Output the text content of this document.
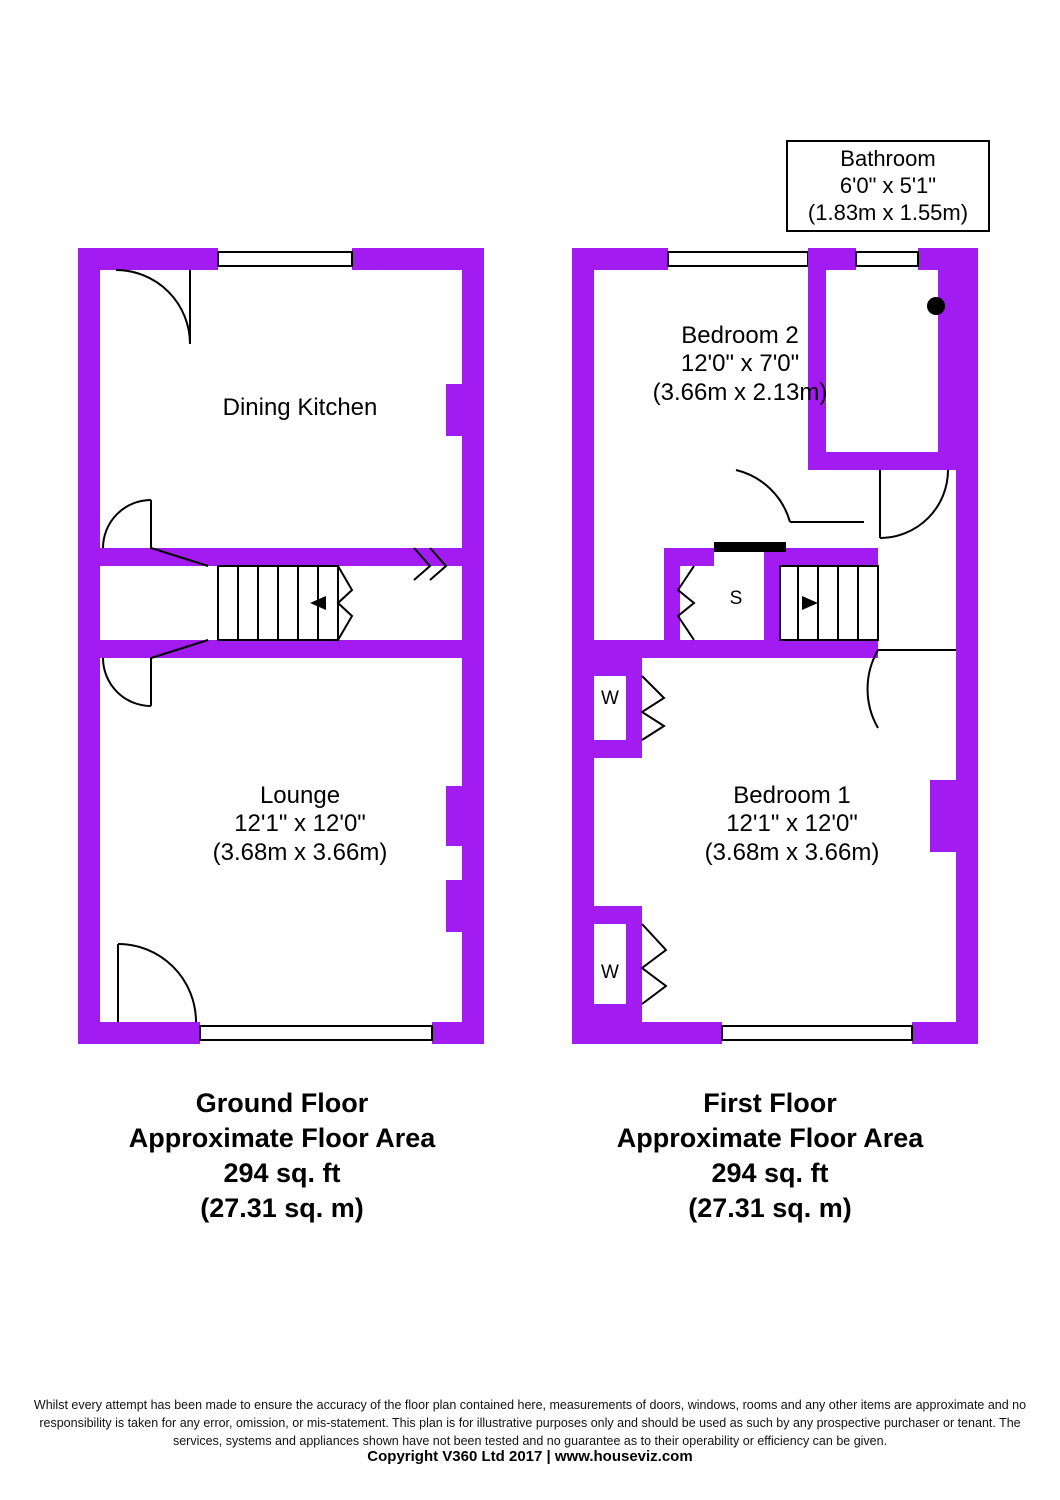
Dining Kitchen
Lounge
12'1" x 12'0"
(3.68m x 3.66m)
Bedroom 2
12'0" x 7'0"
(3.66m x 2.13m)
Bedroom 1
12'1" x 12'0"
(3.68m x 3.66m)
S
W
W
Bathroom
6'0" x 5'1"
(1.83m x 1.55m)
Ground Floor
Approximate Floor Area
294 sq. ft
(27.31 sq. m)
First Floor
Approximate Floor Area
294 sq. ft
(27.31 sq. m)
Whilst every attempt has been made to ensure the accuracy of the floor plan contained here, measurements of doors, windows, rooms and any other items are approximate and no responsibility is taken for any error, omission, or mis-statement. This plan is for illustrative purposes only and should be used as such by any prospective purchaser or tenant. The services, systems and appliances shown have not been tested and no guarantee as to their operability or efficiency can be given.
Copyright V360 Ltd 2017 | www.houseviz.com
